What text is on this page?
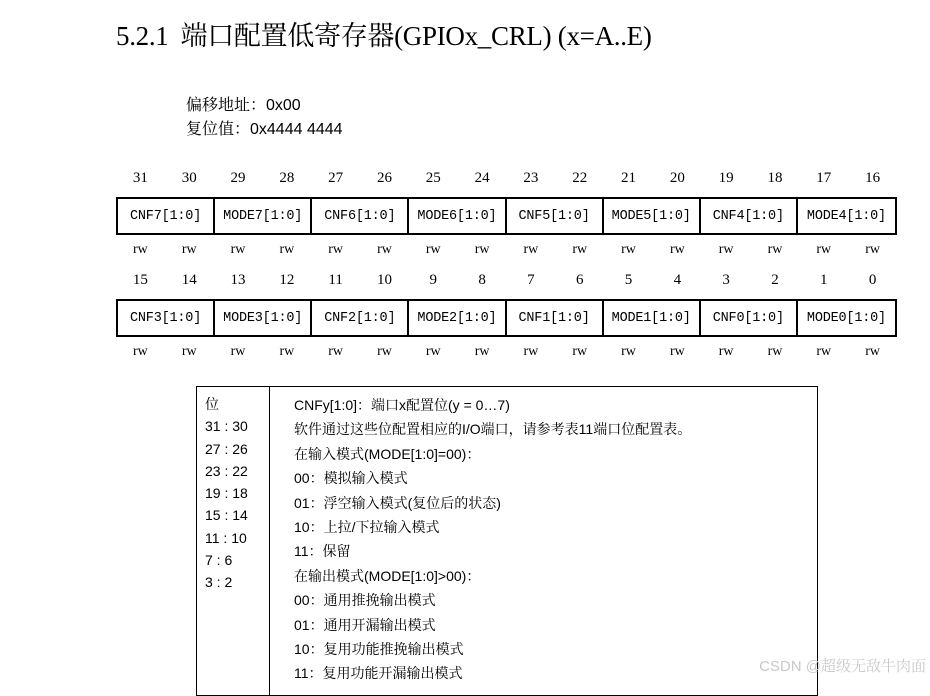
5.2.1 端口配置低寄存器(GPIOx_CRL) (x=A..E)
偏移地址：0x00
复位值：0x4444 4444
31	30	29	28	27	26	25	24	23	22	21	20	19	18	17	16
CNF7[1:0]	MODE7[1:0]	CNF6[1:0]	MODE6[1:0]	CNF5[1:0]	MODE5[1:0]	CNF4[1:0]	MODE4[1:0]
rw	rw	rw	rw	rw	rw	rw	rw	rw	rw	rw	rw	rw	rw	rw	rw
15	14	13	12	11	10	9	8	7	6	5	4	3	2	1	0
CNF3[1:0]	MODE3[1:0]	CNF2[1:0]	MODE2[1:0]	CNF1[1:0]	MODE1[1:0]	CNF0[1:0]	MODE0[1:0]
rw	rw	rw	rw	rw	rw	rw	rw	rw	rw	rw	rw	rw	rw	rw	rw
位
31 : 30
27 : 26
23 : 22
19 : 18
15 : 14
11 : 10
7 : 6
3 : 2
CNFy[1:0]：端口x配置位(y = 0…7)
软件通过这些位配置相应的I/O端口，请参考表11端口位配置表。
在输入模式(MODE[1:0]=00)：
00：模拟输入模式
01：浮空输入模式(复位后的状态)
10：上拉/下拉输入模式
11：保留
在输出模式(MODE[1:0]>00)：
00：通用推挽输出模式
01：通用开漏输出模式
10：复用功能推挽输出模式
11：复用功能开漏输出模式	CSDN @超级无敌牛肉面
